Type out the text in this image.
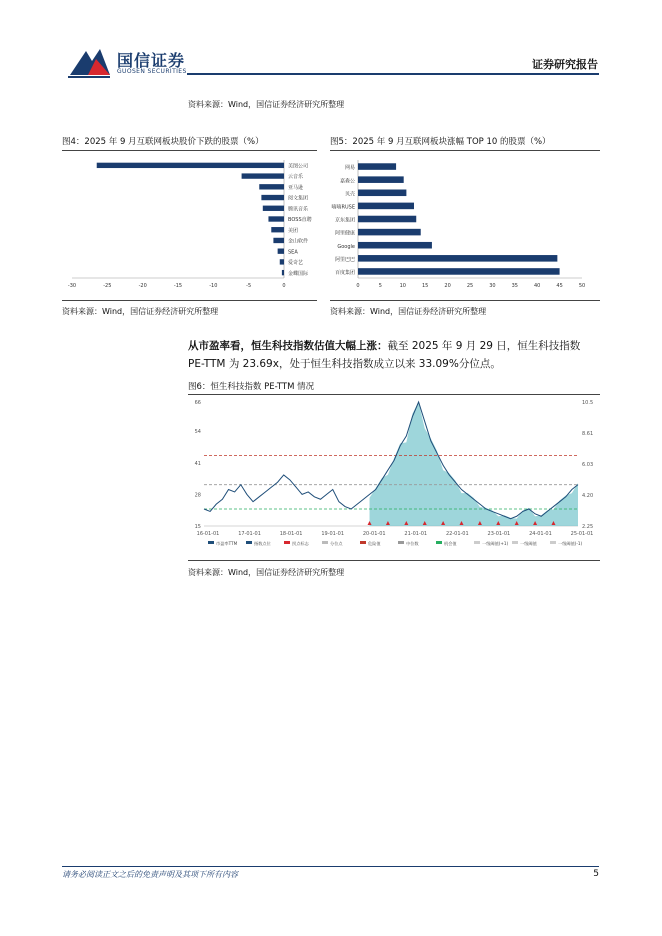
国信证券
GUOSEN SECURITIES
证券研究报告
资料来源：Wind，国信证券经济研究所整理
图4：2025 年 9 月互联网板块股价下跌的股票（%）	图5：2025 年 9 月互联网板块涨幅 TOP 10 的股票（%）
-30	-25	-20	-15	-10	-5	0
美图公司
云音乐
亚马逊
阅文集团
腾讯音乐
BOSS直聘
美团
金山软件
SEA
爱奇艺
金蝶国际
0	5	10	15	20	25	30	35	40	45	50
网易
嘉森公
贝壳
嘀嘀RUSE
京东集团
阿里健康
Google
阿里巴巴
百度集团
资料来源：Wind，国信证券经济研究所整理	资料来源：Wind，国信证券经济研究所整理
从市盈率看，恒生科技指数估值大幅上涨：截至 2025 年 9 月 29 日，恒生科技指数 PE-TTM 为 23.69x，处于恒生科技指数成立以来 33.09%分位点。
图6：恒生科技指数 PE-TTM 情况
15
28
41
54
66
2.25
4.20
6.03
8.61
10.5
16-01-01	17-01-01	18-01-01	19-01-01	20-01-01	21-01-01	22-01-01	23-01-01	24-01-01	25-01-01
市盈率TTM	指数点位	拐点标志	分位点	危险值	中位数	机会值	一级阈值(+1)	一级阈值	一级阈值(-1)
资料来源：Wind，国信证券经济研究所整理
请务必阅读正文之后的免责声明及其项下所有内容	5
